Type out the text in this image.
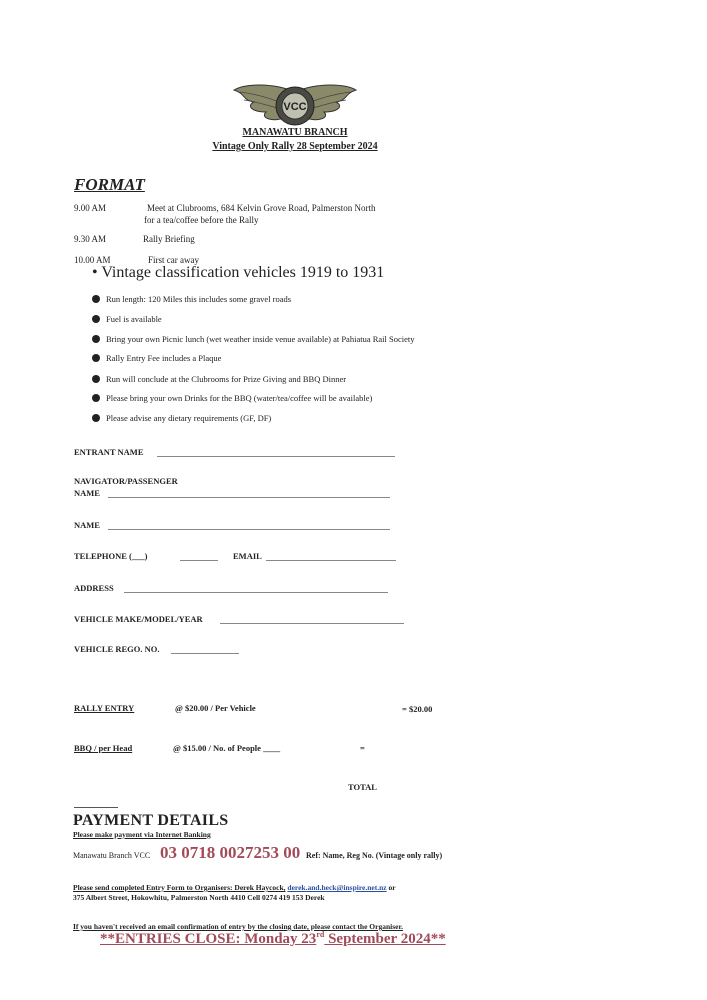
VCC
MANAWATU BRANCH
Vintage Only Rally 28 September 2024
FORMAT
9.00 AM	Meet at Clubrooms, 684 Kelvin Grove Road, Palmerston North
for a tea/coffee before the Rally
9.30 AM	Rally Briefing
10.00 AM	First car away
• Vintage classification vehicles 1919 to 1931
Run length: 120 Miles this includes some gravel roads
Fuel is available
Bring your own Picnic lunch (wet weather inside venue available) at Pahiatua Rail Society
Rally Entry Fee includes a Plaque
Run will conclude at the Clubrooms for Prize Giving and BBQ Dinner
Please bring your own Drinks for the BBQ (water/tea/coffee will be available)
Please advise any dietary requirements (GF, DF)
ENTRANT NAME
NAVIGATOR/PASSENGER
NAME
NAME
TELEPHONE (___)	EMAIL
ADDRESS
VEHICLE MAKE/MODEL/YEAR
VEHICLE REGO. NO.
RALLY ENTRY	@ $20.00 / Per Vehicle	= $20.00
BBQ / per Head	@ $15.00 / No. of People ____	=
TOTAL
PAYMENT DETAILS
Please make payment via Internet Banking
Manawatu Branch VCC 03 0718 0027253 00 Ref: Name, Reg No. (Vintage only rally)
Please send completed Entry Form to Organisers: Derek Haycock, derek.and.heck@inspire.net.nz or
375 Albert Street, Hokowhitu, Palmerston North 4410 Cell 0274 419 153 Derek
If you haven't received an email confirmation of entry by the closing date, please contact the Organiser.
**ENTRIES CLOSE: Monday 23rd September 2024**
